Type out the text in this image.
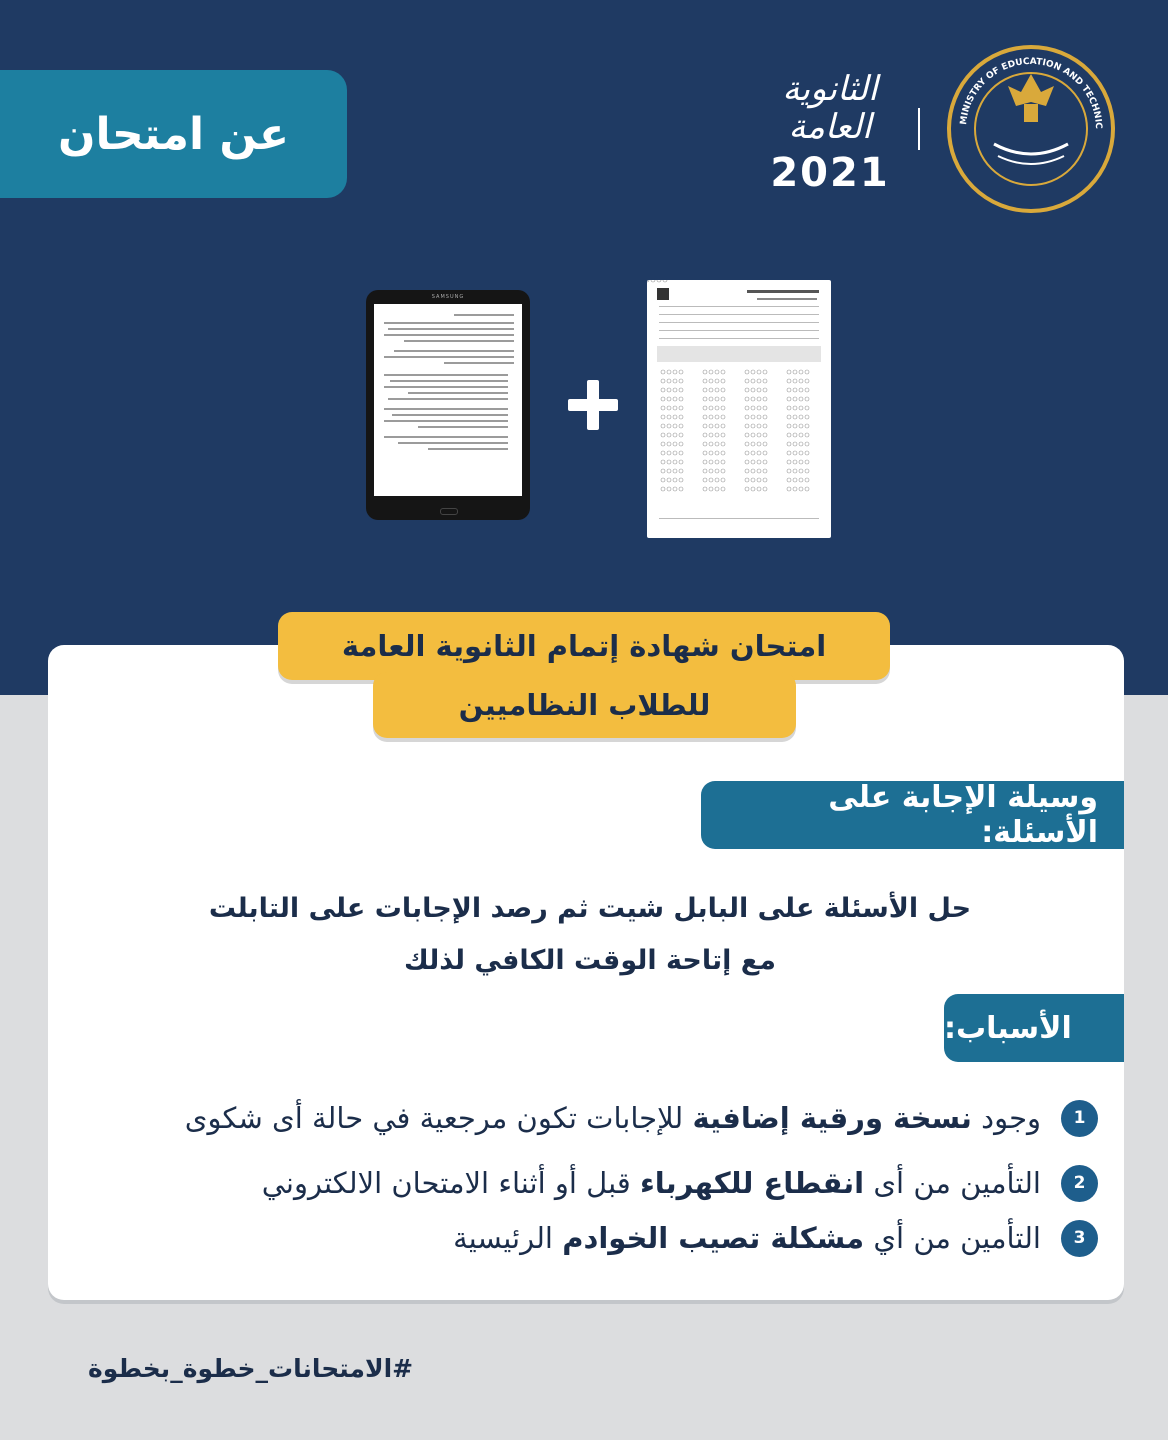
عن امتحان
الثانوية العامة
2021
MINISTRY OF EDUCATION AND TECHNIC
SAMSUNG
امتحان شهادة إتمام الثانوية العامة
للطلاب النظاميين
وسيلة الإجابة على الأسئلة:
حل الأسئلة على البابل شيت ثم رصد الإجابات على التابلت
مع إتاحة الوقت الكافي لذلك
الأسباب:
1
وجود نسخة ورقية إضافية للإجابات تكون مرجعية في حالة أى شكوى
2
التأمين من أى انقطاع للكهرباء قبل أو أثناء الامتحان الالكتروني
3
التأمين من أي مشكلة تصيب الخوادم الرئيسية
#الامتحانات_خطوة_بخطوة
